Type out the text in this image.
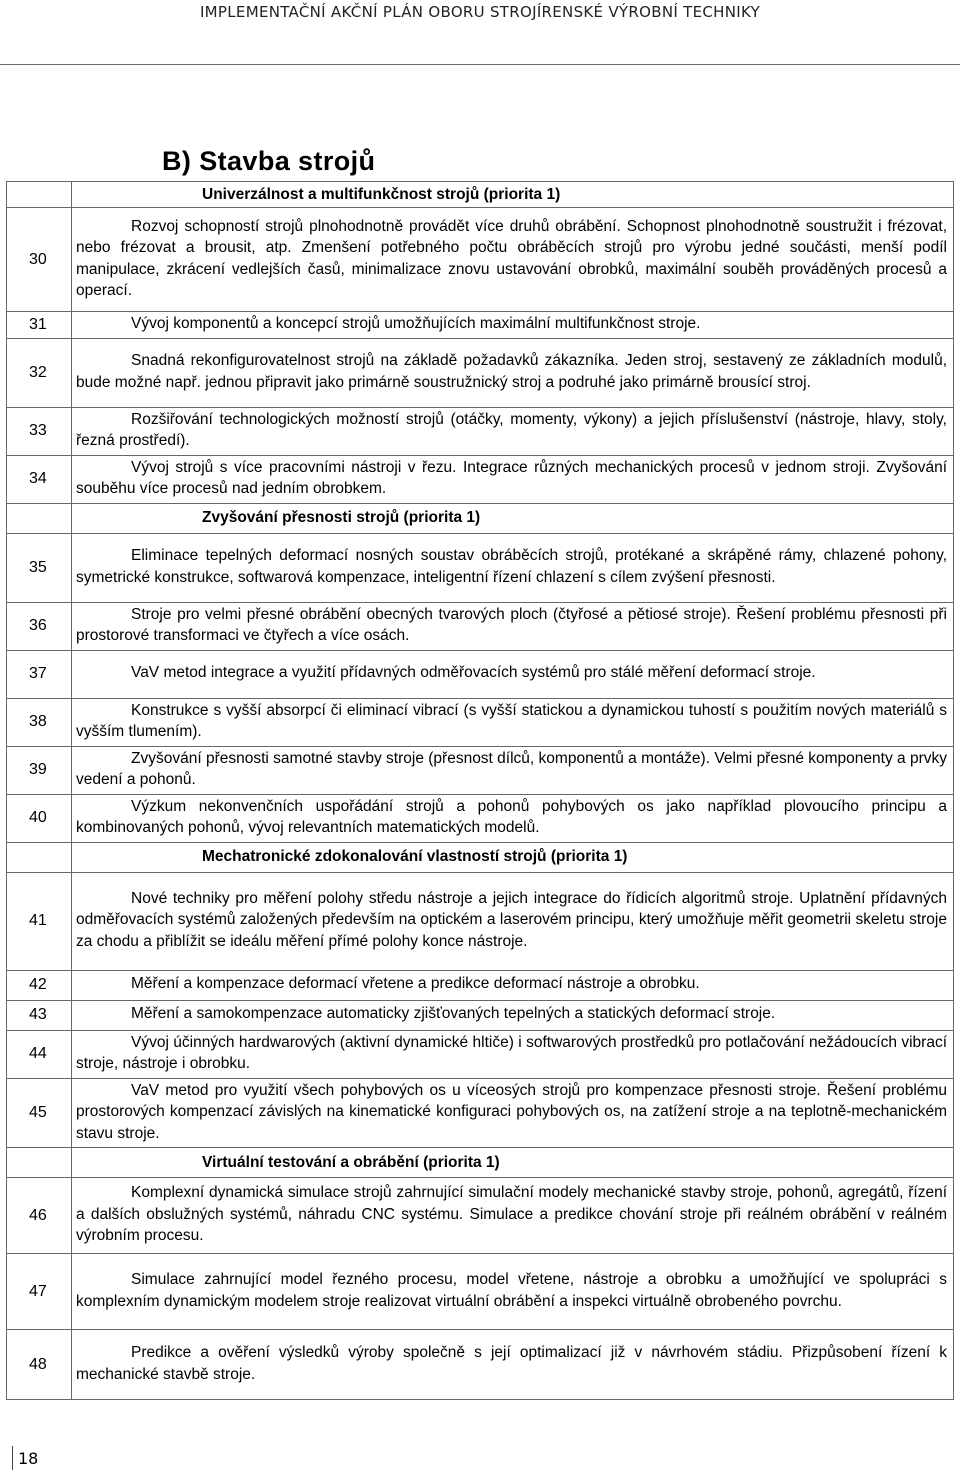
IMPLEMENTAČNÍ AKČNÍ PLÁN OBORU STROJÍRENSKÉ VÝROBNÍ TECHNIKY
B) Stavba strojů
	Univerzálnost a multifunkčnost strojů (priorita 1)
30	Rozvoj schopností strojů plnohodnotně provádět více druhů obrábění. Schopnost plnohodnotně soustružit i frézovat, nebo frézovat a brousit, atp. Zmenšení potřebného počtu obráběcích strojů pro výrobu jedné součásti, menší podíl manipulace, zkrácení vedlejších časů, minimalizace znovu ustavování obrobků, maximální souběh prováděných procesů a operací.
31	Vývoj komponentů a koncepcí strojů umožňujících maximální multifunkčnost stroje.
32	Snadná rekonfigurovatelnost strojů na základě požadavků zákazníka. Jeden stroj, sestavený ze základních modulů, bude možné např. jednou připravit jako primárně soustružnický stroj a podruhé jako primárně brousící stroj.
33	Rozšiřování technologických možností strojů (otáčky, momenty, výkony) a jejich příslušenství (nástroje, hlavy, stoly, řezná prostředí).
34	Vývoj strojů s více pracovními nástroji v řezu. Integrace různých mechanických procesů v jednom stroji. Zvyšování souběhu více procesů nad jedním obrobkem.
	Zvyšování přesnosti strojů (priorita 1)
35	Eliminace tepelných deformací nosných soustav obráběcích strojů, protékané a skrápěné rámy, chlazené pohony, symetrické konstrukce, softwarová kompenzace, inteligentní řízení chlazení s cílem zvýšení přesnosti.
36	Stroje pro velmi přesné obrábění obecných tvarových ploch (čtyřosé a pětiosé stroje). Řešení problému přesnosti při prostorové transformaci ve čtyřech a více osách.
37	VaV metod integrace a využití přídavných odměřovacích systémů pro stálé měření deformací stroje.
38	Konstrukce s vyšší absorpcí či eliminací vibrací (s vyšší statickou a dynamickou tuhostí s použitím nových materiálů s vyšším tlumením).
39	Zvyšování přesnosti samotné stavby stroje (přesnost dílců, komponentů a montáže). Velmi přesné komponenty a prvky vedení a pohonů.
40	Výzkum nekonvenčních uspořádání strojů a pohonů pohybových os jako například plovoucího principu a kombinovaných pohonů, vývoj relevantních matematických modelů.
	Mechatronické zdokonalování vlastností strojů (priorita 1)
41	Nové techniky pro měření polohy středu nástroje a jejich integrace do řídicích algoritmů stroje. Uplatnění přídavných odměřovacích systémů založených především na optickém a laserovém principu, který umožňuje měřit geometrii skeletu stroje za chodu a přiblížit se ideálu měření přímé polohy konce nástroje.
42	Měření a kompenzace deformací vřetene a predikce deformací nástroje a obrobku.
43	Měření a samokompenzace automaticky zjišťovaných tepelných a statických deformací stroje.
44	Vývoj účinných hardwarových (aktivní dynamické hltiče) i softwarových prostředků pro potlačování nežádoucích vibrací stroje, nástroje i obrobku.
45	VaV metod pro využití všech pohybových os u víceosých strojů pro kompenzace přesnosti stroje. Řešení problému prostorových kompenzací závislých na kinematické konfiguraci pohybových os, na zatížení stroje a na teplotně-mechanickém stavu stroje.
	Virtuální testování a obrábění (priorita 1)
46	Komplexní dynamická simulace strojů zahrnující simulační modely mechanické stavby stroje, pohonů, agregátů, řízení a dalších obslužných systémů, náhradu CNC systému. Simulace a predikce chování stroje při reálném obrábění v reálném výrobním procesu.
47	Simulace zahrnující model řezného procesu, model vřetene, nástroje a obrobku a umožňující ve spolupráci s komplexním dynamickým modelem stroje realizovat virtuální obrábění a inspekci virtuálně obrobeného povrchu.
48	Predikce a ověření výsledků výroby společně s její optimalizací již v návrhovém stádiu. Přizpůsobení řízení k mechanické stavbě stroje.
18
